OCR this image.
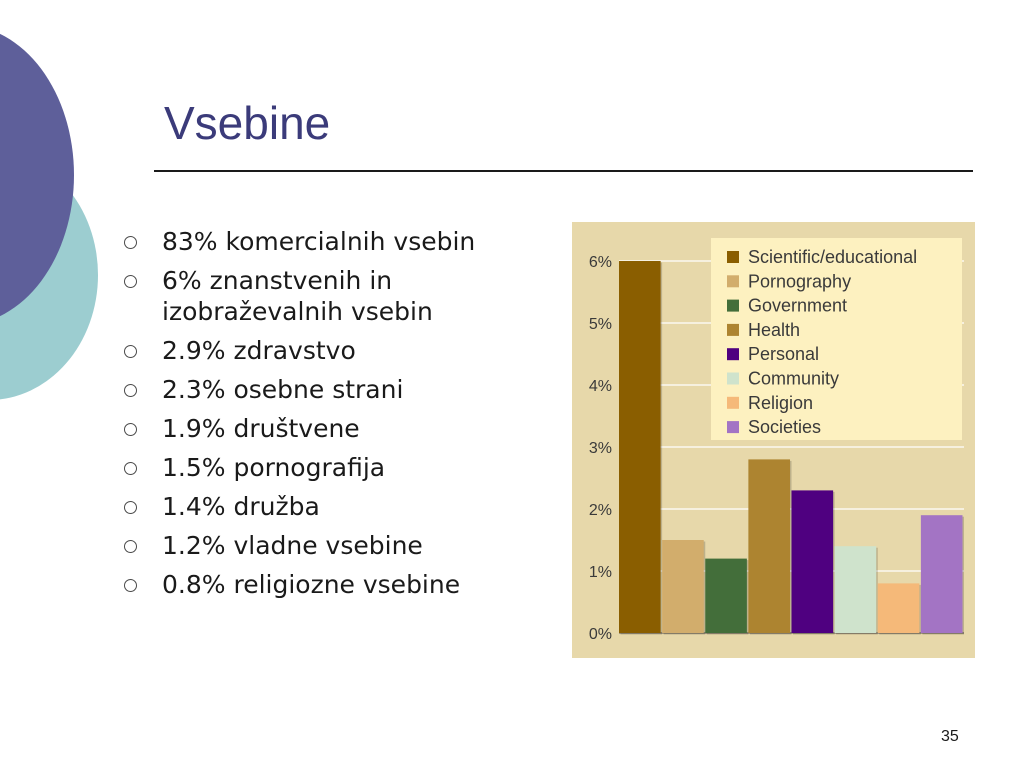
Vsebine
83% komercialnih vsebin
6% znanstvenih in izobraževalnih vsebin
2.9% zdravstvo
2.3% osebne strani
1.9% društvene
1.5% pornografija
1.4% družba
1.2% vladne vsebine
0.8% religiozne vsebine
0%
1%
2%
3%
4%
5%
6%	Scientific/educational
Pornography
Government
Health
Personal
Community
Religion
Societies
35
